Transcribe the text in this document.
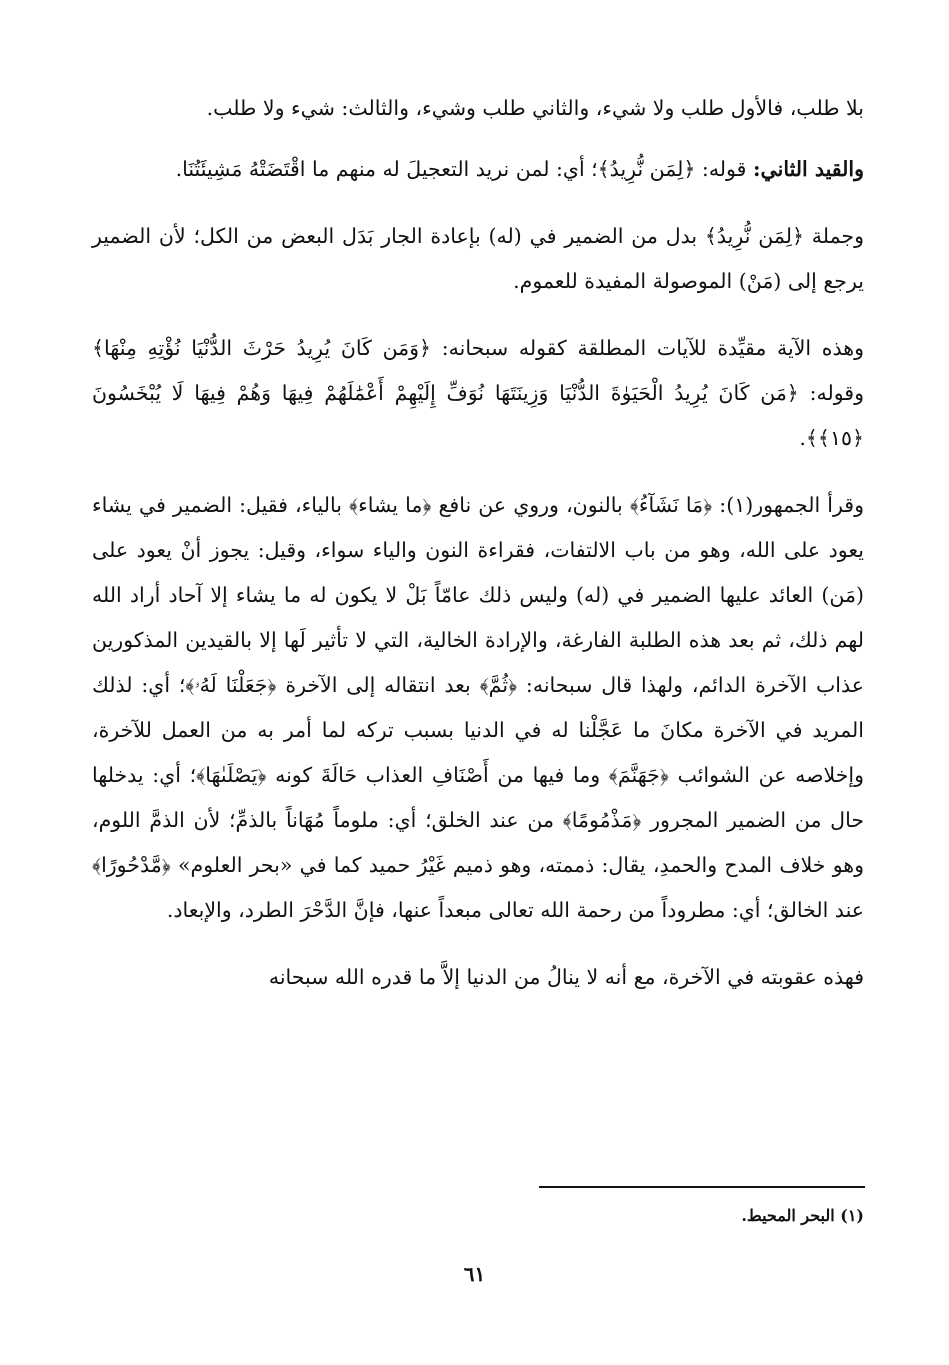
بلا طلب، فالأول طلب ولا شيء، والثاني طلب وشيء، والثالث: شيء ولا طلب.

والقيد الثاني: قوله: ﴿لِمَن نُّرِيدُ﴾؛ أي: لمن نريد التعجيلَ له منهم ما اقْتَضَتْهُ مَشِيئَتُنَا.

وجملة ﴿لِمَن نُّرِيدُ﴾ بدل من الضمير في (له) بإعادة الجار بَدَل البعض من الكل؛ لأن الضمير يرجع إلى (مَنْ) الموصولة المفيدة للعموم.

وهذه الآية مقيِّدة للآيات المطلقة كقوله سبحانه: ﴿وَمَن كَانَ يُرِيدُ حَرْثَ الدُّنْيَا نُؤْتِهِ مِنْهَا﴾ وقوله: ﴿مَن كَانَ يُرِيدُ الْحَيَوٰةَ الدُّنْيَا وَزِينَتَهَا نُوَفِّ إِلَيْهِمْ أَعْمَٰلَهُمْ فِيهَا وَهُمْ فِيهَا لَا يُبْخَسُونَ ﴿١٥﴾﴾.

وقرأ الجمهور(١): ﴿مَا نَشَآءُ﴾ بالنون، وروي عن نافع ﴿ما يشاء﴾ بالياء، فقيل: الضمير في يشاء يعود على الله، وهو من باب الالتفات، فقراءة النون والياء سواء، وقيل: يجوز أنْ يعود على (مَن) العائد عليها الضمير في (له) وليس ذلك عامّاً بَلْ لا يكون له ما يشاء إلا آحاد أراد الله لهم ذلك، ثم بعد هذه الطلبة الفارغة، والإرادة الخالية، التي لا تأثير لَها إلا بالقيدين المذكورين عذاب الآخرة الدائم، ولهذا قال سبحانه: ﴿ثُمَّ﴾ بعد انتقاله إلى الآخرة ﴿جَعَلْنَا لَهُۥ﴾؛ أي: لذلك المريد في الآخرة مكانَ ما عَجَّلْنا له في الدنيا بسبب تركه لما أمر به من العمل للآخرة، وإخلاصه عن الشوائب ﴿جَهَنَّمَ﴾ وما فيها من أَصْنَافِ العذاب حَالَةَ كونه ﴿يَصْلَىٰهَا﴾؛ أي: يدخلها حال من الضمير المجرور ﴿مَذْمُومًا﴾ من عند الخلق؛ أي: ملوماً مُهَاناً بالذمِّ؛ لأن الذمَّ اللوم، وهو خلاف المدح والحمدِ، يقال: ذممته، وهو ذميم غَيْرُ حميد كما في «بحر العلوم» ﴿مَّدْحُورًا﴾ عند الخالق؛ أي: مطروداً من رحمة الله تعالى مبعداً عنها، فإنَّ الدَّحْرَ الطرد، والإبعاد.

فهذه عقوبته في الآخرة، مع أنه لا ينالُ من الدنيا إلاَّ ما قدره الله سبحانه

(١) البحر المحيط.
٦١
